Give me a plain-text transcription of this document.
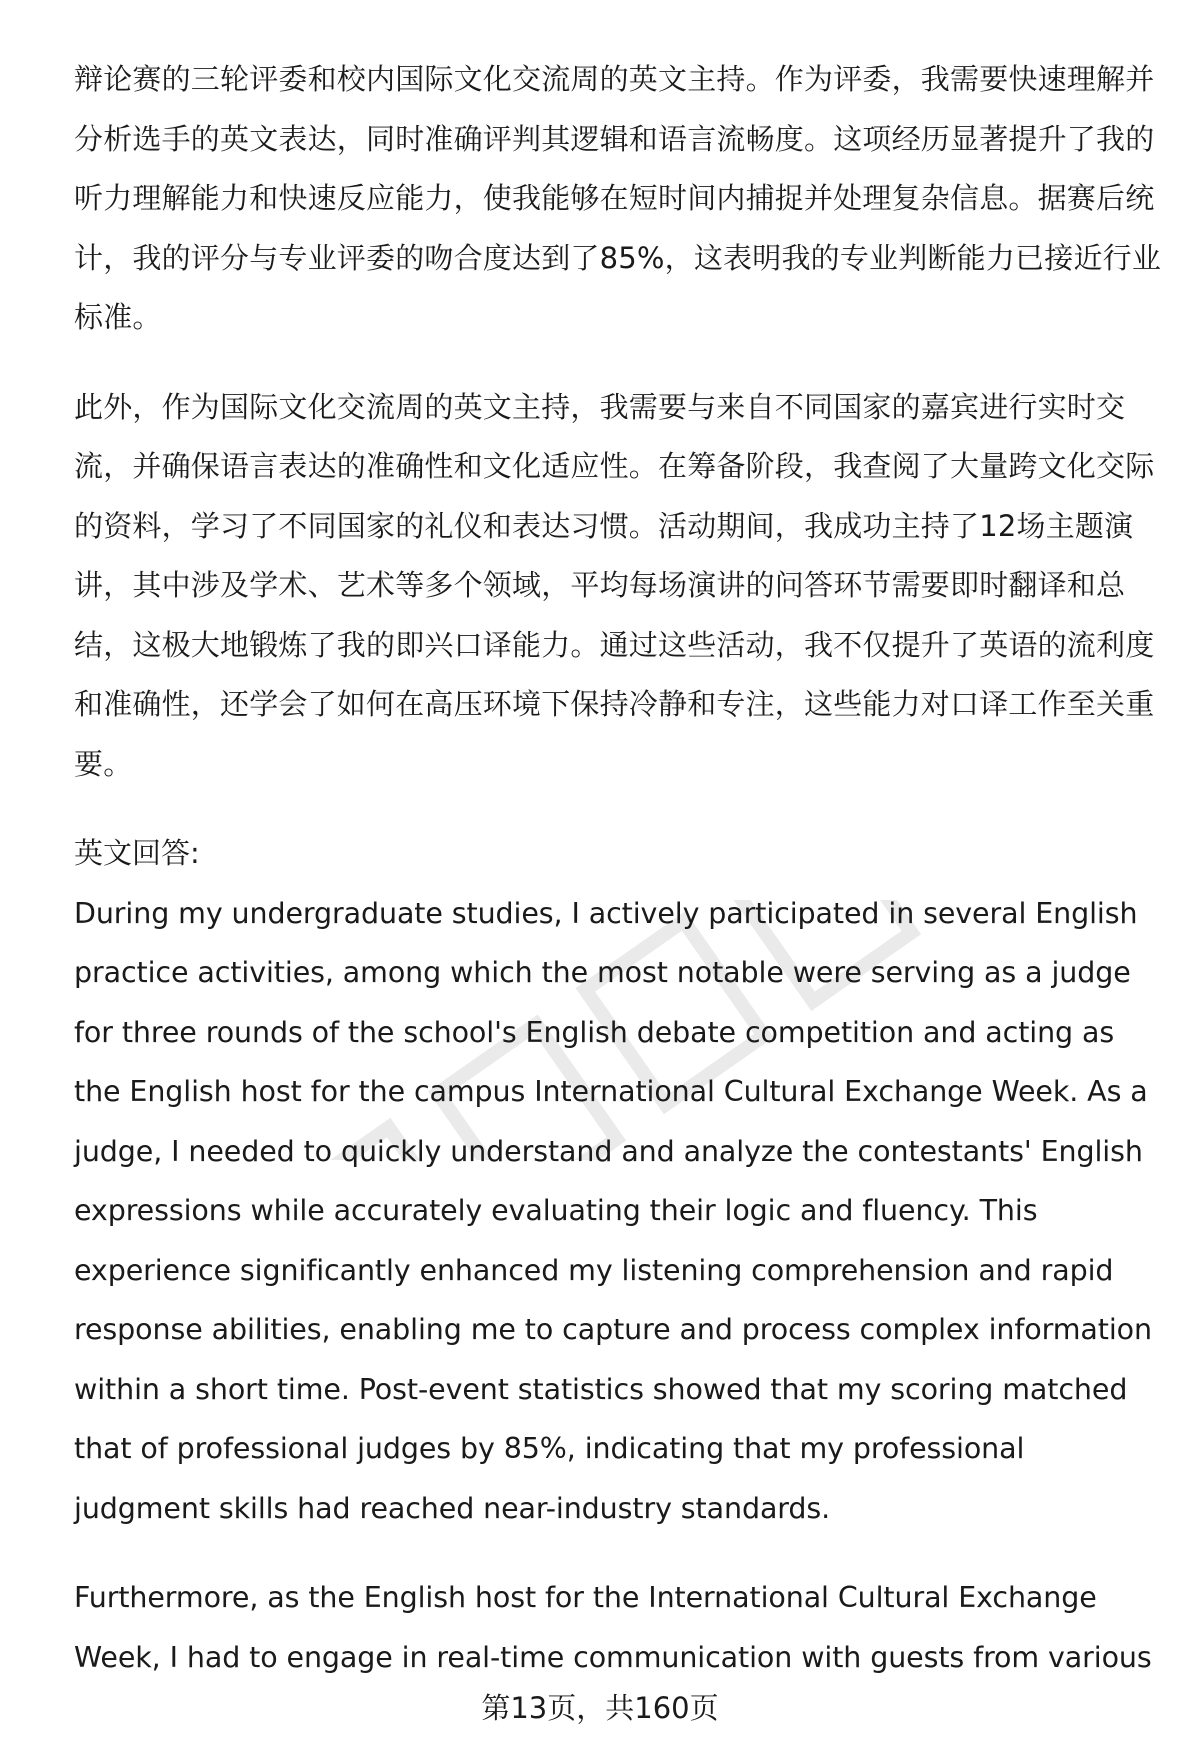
辩论赛的三轮评委和校内国际文化交流周的英文主持。作为评委，我需要快速理解并分析选手的英文表达，同时准确评判其逻辑和语言流畅度。这项经历显著提升了我的听力理解能力和快速反应能力，使我能够在短时间内捕捉并处理复杂信息。据赛后统计，我的评分与专业评委的吻合度达到了85%，这表明我的专业判断能力已接近行业标准。

此外，作为国际文化交流周的英文主持，我需要与来自不同国家的嘉宾进行实时交流，并确保语言表达的准确性和文化适应性。在筹备阶段，我查阅了大量跨文化交际的资料，学习了不同国家的礼仪和表达习惯。活动期间，我成功主持了12场主题演讲，其中涉及学术、艺术等多个领域，平均每场演讲的问答环节需要即时翻译和总结，这极大地锻炼了我的即兴口译能力。通过这些活动，我不仅提升了英语的流利度和准确性，还学会了如何在高压环境下保持冷静和专注，这些能力对口译工作至关重要。

英文回答:

During my undergraduate studies, I actively participated in several English practice activities, among which the most notable were serving as a judge for three rounds of the school's English debate competition and acting as the English host for the campus International Cultural Exchange Week. As a judge, I needed to quickly understand and analyze the contestants' English expressions while accurately evaluating their logic and fluency. This experience significantly enhanced my listening comprehension and rapid response abilities, enabling me to capture and process complex information within a short time. Post-event statistics showed that my scoring matched that of professional judges by 85%, indicating that my professional judgment skills had reached near-industry standards.

Furthermore, as the English host for the International Cultural Exchange Week, I had to engage in real-time communication with guests from various

第13页，共160页
